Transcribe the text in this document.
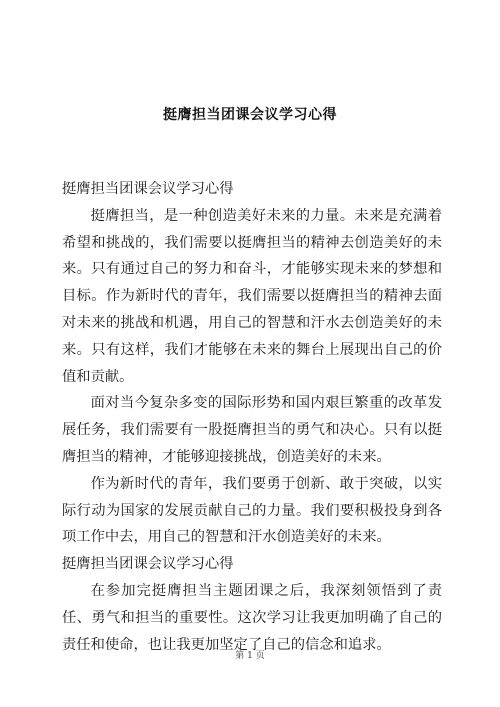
挺膺担当团课会议学习心得

挺膺担当团课会议学习心得

挺膺担当，是一种创造美好未来的力量。未来是充满着希望和挑战的，我们需要以挺膺担当的精神去创造美好的未来。只有通过自己的努力和奋斗，才能够实现未来的梦想和目标。作为新时代的青年，我们需要以挺膺担当的精神去面对未来的挑战和机遇，用自己的智慧和汗水去创造美好的未来。只有这样，我们才能够在未来的舞台上展现出自己的价值和贡献。

面对当今复杂多变的国际形势和国内艰巨繁重的改革发展任务，我们需要有一股挺膺担当的勇气和决心。只有以挺膺担当的精神，才能够迎接挑战，创造美好的未来。

作为新时代的青年，我们要勇于创新、敢于突破，以实际行动为国家的发展贡献自己的力量。我们要积极投身到各项工作中去，用自己的智慧和汗水创造美好的未来。

挺膺担当团课会议学习心得

在参加完挺膺担当主题团课之后，我深刻领悟到了责任、勇气和担当的重要性。这次学习让我更加明确了自己的责任和使命，也让我更加坚定了自己的信念和追求。

第 1 页
